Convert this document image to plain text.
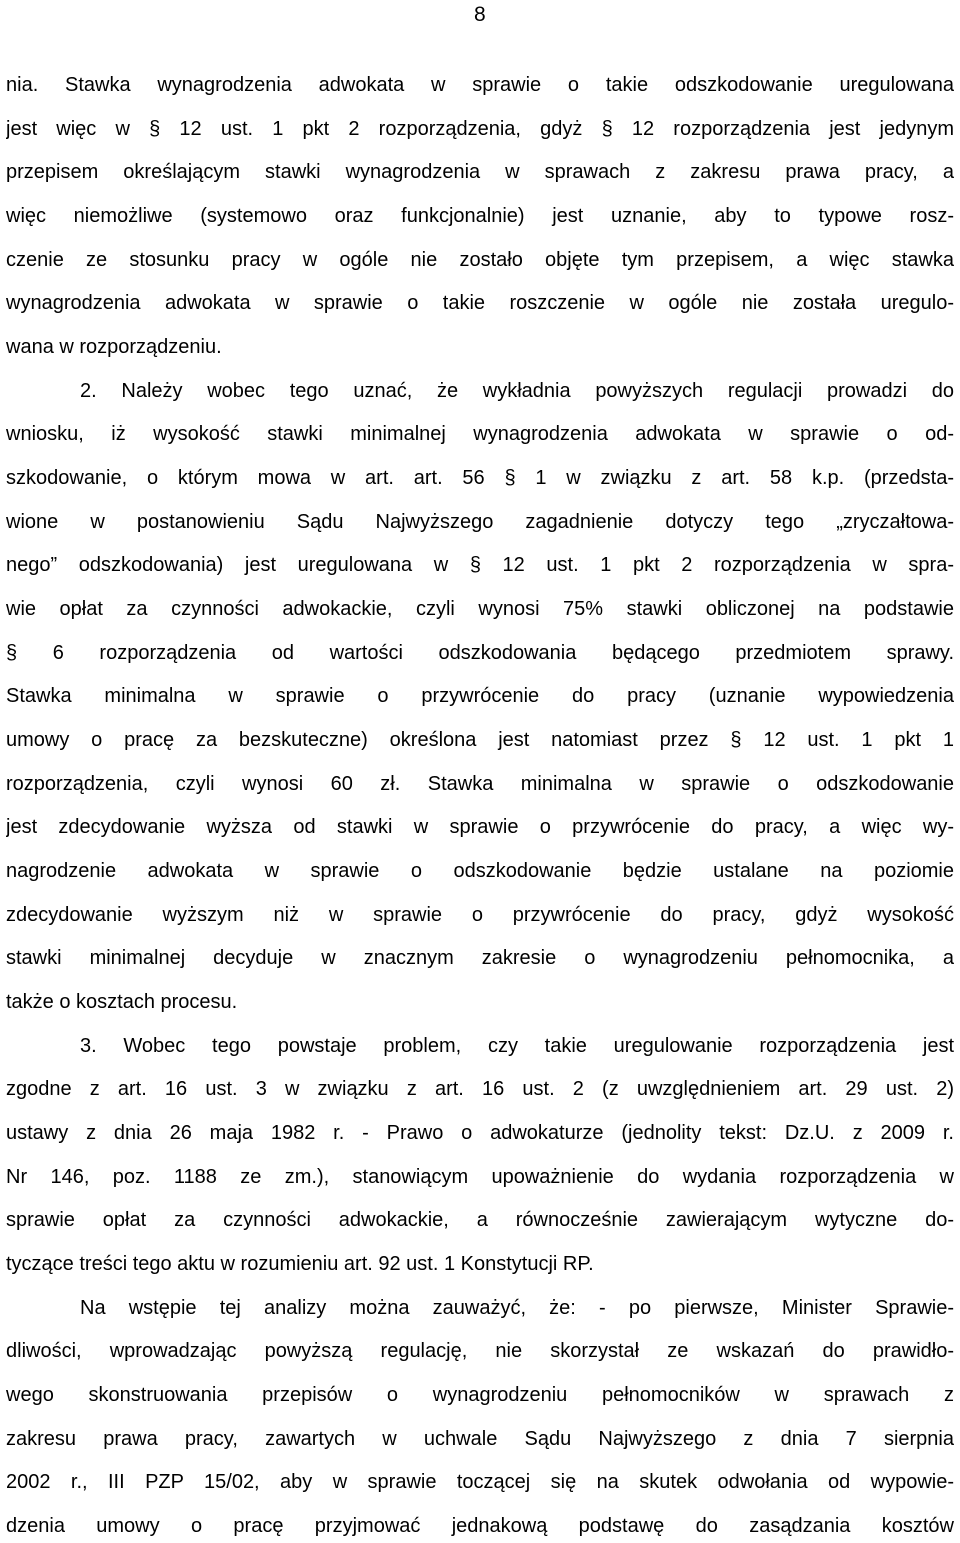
8
nia. Stawka wynagrodzenia adwokata w sprawie o takie odszkodowanie uregulowana
jest więc w § 12 ust. 1 pkt 2 rozporządzenia, gdyż § 12 rozporządzenia jest jedynym
przepisem określającym stawki wynagrodzenia w sprawach z zakresu prawa pracy, a
więc niemożliwe (systemowo oraz funkcjonalnie) jest uznanie, aby to typowe rosz-
czenie ze stosunku pracy w ogóle nie zostało objęte tym przepisem, a więc stawka
wynagrodzenia adwokata w sprawie o takie roszczenie w ogóle nie została uregulo-
wana w rozporządzeniu.
2. Należy wobec tego uznać, że wykładnia powyższych regulacji prowadzi do
wniosku, iż wysokość stawki minimalnej wynagrodzenia adwokata w sprawie o od-
szkodowanie, o którym mowa w art. art. 56 § 1 w związku z art. 58 k.p. (przedsta-
wione w postanowieniu Sądu Najwyższego zagadnienie dotyczy tego „zryczałtowa-
nego” odszkodowania) jest uregulowana w § 12 ust. 1 pkt 2 rozporządzenia w spra-
wie opłat za czynności adwokackie, czyli wynosi 75% stawki obliczonej na podstawie
§ 6 rozporządzenia od wartości odszkodowania będącego przedmiotem sprawy.
Stawka minimalna w sprawie o przywrócenie do pracy (uznanie wypowiedzenia
umowy o pracę za bezskuteczne) określona jest natomiast przez § 12 ust. 1 pkt 1
rozporządzenia, czyli wynosi 60 zł. Stawka minimalna w sprawie o odszkodowanie
jest zdecydowanie wyższa od stawki w sprawie o przywrócenie do pracy, a więc wy-
nagrodzenie adwokata w sprawie o odszkodowanie będzie ustalane na poziomie
zdecydowanie wyższym niż w sprawie o przywrócenie do pracy, gdyż wysokość
stawki minimalnej decyduje w znacznym zakresie o wynagrodzeniu pełnomocnika, a
także o kosztach procesu.
3. Wobec tego powstaje problem, czy takie uregulowanie rozporządzenia jest
zgodne z art. 16 ust. 3 w związku z art. 16 ust. 2 (z uwzględnieniem art. 29 ust. 2)
ustawy z dnia 26 maja 1982 r. - Prawo o adwokaturze (jednolity tekst: Dz.U. z 2009 r.
Nr 146, poz. 1188 ze zm.), stanowiącym upoważnienie do wydania rozporządzenia w
sprawie opłat za czynności adwokackie, a równocześnie zawierającym wytyczne do-
tyczące treści tego aktu w rozumieniu art. 92 ust. 1 Konstytucji RP.
Na wstępie tej analizy można zauważyć, że: - po pierwsze, Minister Sprawie-
dliwości, wprowadzając powyższą regulację, nie skorzystał ze wskazań do prawidło-
wego skonstruowania przepisów o wynagrodzeniu pełnomocników w sprawach z
zakresu prawa pracy, zawartych w uchwale Sądu Najwyższego z dnia 7 sierpnia
2002 r., III PZP 15/02, aby w sprawie toczącej się na skutek odwołania od wypowie-
dzenia umowy o pracę przyjmować jednakową podstawę do zasądzania kosztów
